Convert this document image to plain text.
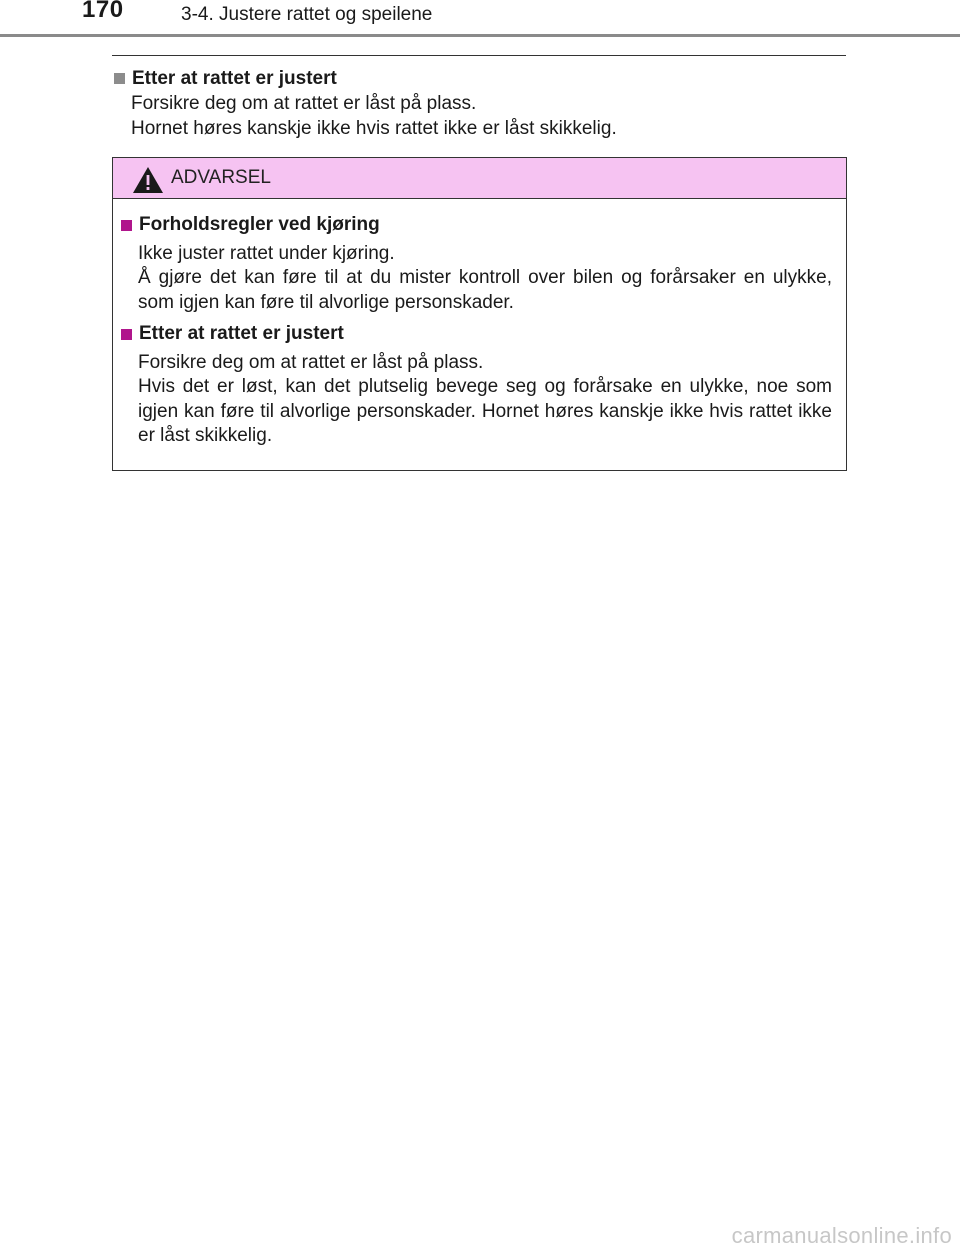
170	3-4. Justere rattet og speilene
Etter at rattet er justert
Forsikre deg om at rattet er låst på plass.
Hornet høres kanskje ikke hvis rattet ikke er låst skikkelig.
ADVARSEL
Forholdsregler ved kjøring
Ikke juster rattet under kjøring.
Å gjøre det kan føre til at du mister kontroll over bilen og forårsaker en ulykke, som igjen kan føre til alvorlige personskader.
Etter at rattet er justert
Forsikre deg om at rattet er låst på plass.
Hvis det er løst, kan det plutselig bevege seg og forårsake en ulykke, noe som igjen kan føre til alvorlige personskader. Hornet høres kanskje ikke hvis rattet ikke er låst skikkelig.
carmanualsonline.info
